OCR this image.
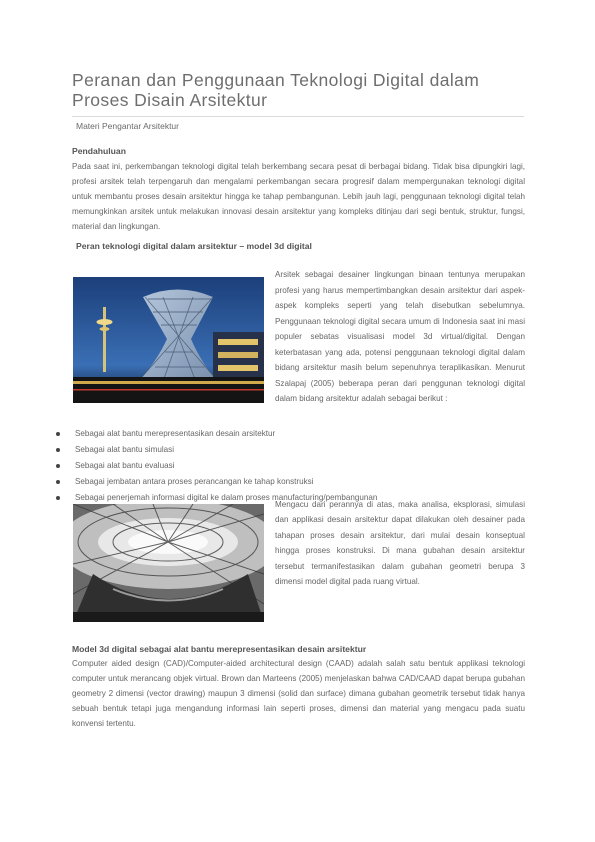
Peranan dan Penggunaan Teknologi Digital dalam Proses Disain Arsitektur
Materi Pengantar Arsitektur
Pendahuluan
Pada saat ini, perkembangan teknologi digital telah berkembang secara pesat di berbagai bidang. Tidak bisa dipungkiri lagi, profesi arsitek telah terpengaruh dan mengalami perkembangan secara progresif dalam mempergunakan teknologi digital untuk membantu proses desain arsitektur hingga ke tahap pembangunan. Lebih jauh lagi, penggunaan teknologi digital telah memungkinkan arsitek untuk melakukan innovasi desain arsitektur yang kompleks ditinjau dari segi bentuk, struktur, fungsi, material dan lingkungan.
Peran teknologi digital dalam arsitektur – model 3d digital
Arsitek sebagai desainer lingkungan binaan tentunya merupakan profesi yang harus mempertimbangkan desain arsitektur dari aspek-aspek kompleks seperti yang telah disebutkan sebelumnya. Penggunaan teknologi digital secara umum di Indonesia saat ini masi populer sebatas visualisasi model 3d virtual/digital. Dengan keterbatasan yang ada, potensi penggunaan teknologi digital dalam bidang arsitektur masih belum sepenuhnya teraplikasikan. Menurut Szalapaj (2005) beberapa peran dari penggunan teknologi digital dalam bidang arsitektur adalah sebagai berikut :
Sebagai alat bantu merepresentasikan desain arsitektur
Sebagai alat bantu simulasi
Sebagai alat bantu evaluasi
Sebagai jembatan antara proses perancangan ke tahap konstruksi
Sebagai penerjemah informasi digital ke dalam proses manufacturing/pembangunan
Mengacu dari perannya di atas, maka analisa, eksplorasi, simulasi dan applikasi desain arsitektur dapat dilakukan oleh desainer pada tahapan proses desain arsitektur, dari mulai desain konseptual hingga proses konstruksi. Di mana gubahan desain arsitektur tersebut termanifestasikan dalam gubahan geometri berupa 3 dimensi model digital pada ruang virtual.
Model 3d digital sebagai alat bantu merepresentasikan desain arsitektur
Computer aided design (CAD)/Computer-aided architectural design (CAAD) adalah salah satu bentuk applikasi teknologi computer untuk merancang objek virtual. Brown dan Marteens (2005) menjelaskan bahwa CAD/CAAD dapat berupa gubahan geometry 2 dimensi (vector drawing) maupun 3 dimensi (solid dan surface) dimana gubahan geometrik tersebut tidak hanya sebuah bentuk tetapi juga mengandung informasi lain seperti proses, dimensi dan material yang mengacu pada suatu konvensi tertentu.
